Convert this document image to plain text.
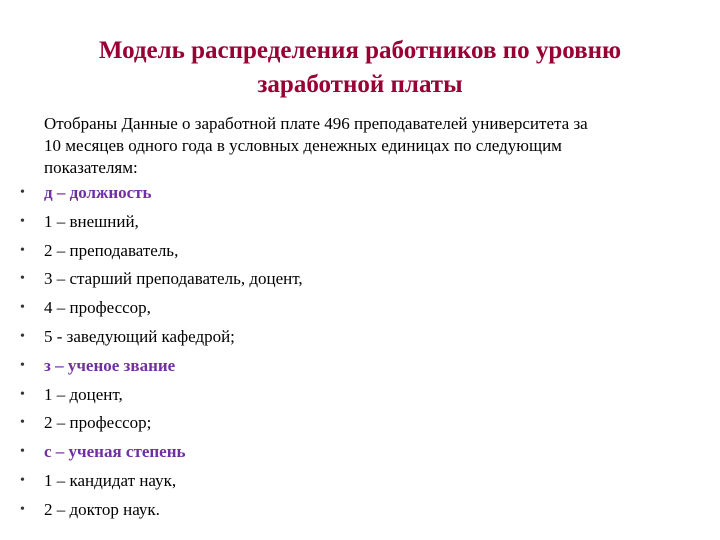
Модель распределения работников по уровню
заработной платы
Отобраны Данные о заработной плате 496 преподавателей университета за
10 месяцев одного года в условных денежных единицах по следующим
показателям:
•	д – должность
•	1 – внешний,
•	2 – преподаватель,
•	3 – старший преподаватель, доцент,
•	4 – профессор,
•	5 - заведующий кафедрой;
•	з – ученое звание
•	1 – доцент,
•	2 – профессор;
•	с – ученая степень
•	1 – кандидат наук,
•	2 – доктор наук.
